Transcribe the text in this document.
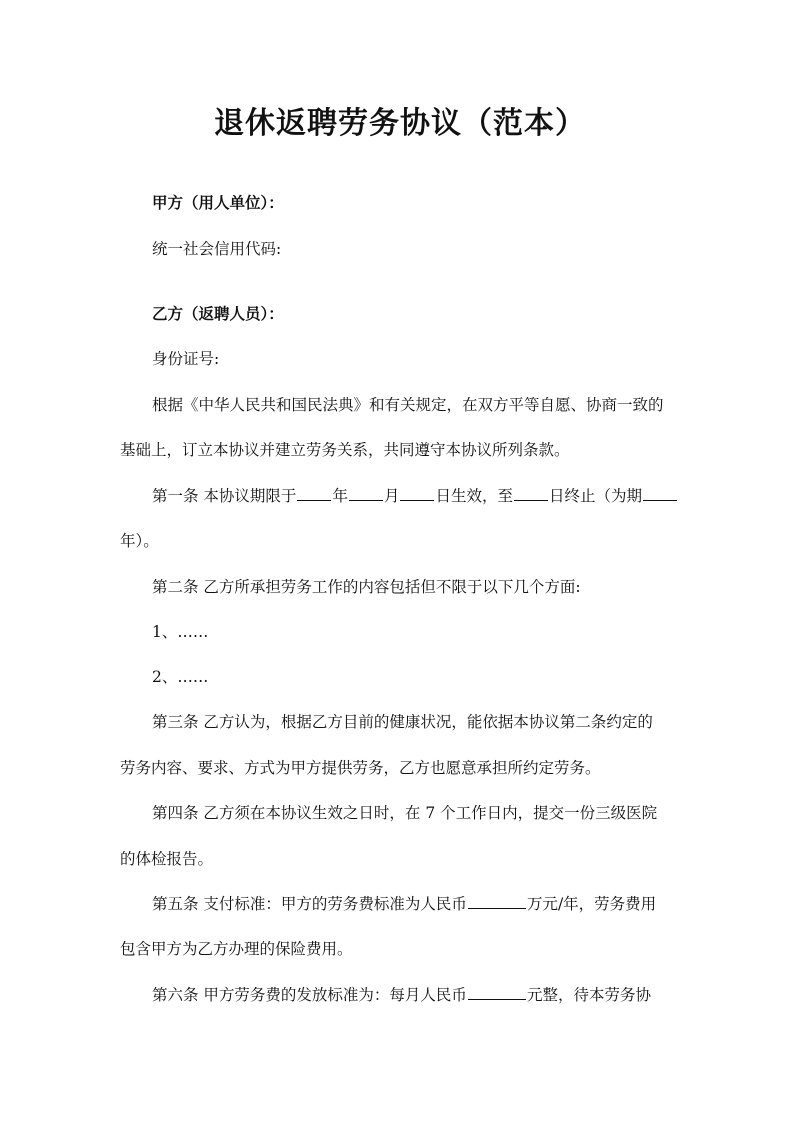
退休返聘劳务协议（范本）
甲方（用人单位）：
统一社会信用代码:
乙方（返聘人员）：
身份证号:
根据《中华人民共和国民法典》和有关规定，在双方平等自愿、协商一致的
基础上，订立本协议并建立劳务关系，共同遵守本协议所列条款。
第一条 本协议期限于 年 月 日生效，至 日终止（为期
年）。
第二条 乙方所承担劳务工作的内容包括但不限于以下几个方面:
1、……
2、……
第三条 乙方认为，根据乙方目前的健康状况，能依据本协议第二条约定的
劳务内容、要求、方式为甲方提供劳务，乙方也愿意承担所约定劳务。
第四条 乙方须在本协议生效之日时，在 7 个工作日内，提交一份三级医院
的体检报告。
第五条 支付标准：甲方的劳务费标准为人民币	万元/年，劳务费用
包含甲方为乙方办理的保险费用。
第六条 甲方劳务费的发放标准为：每月人民币	元整，待本劳务协
